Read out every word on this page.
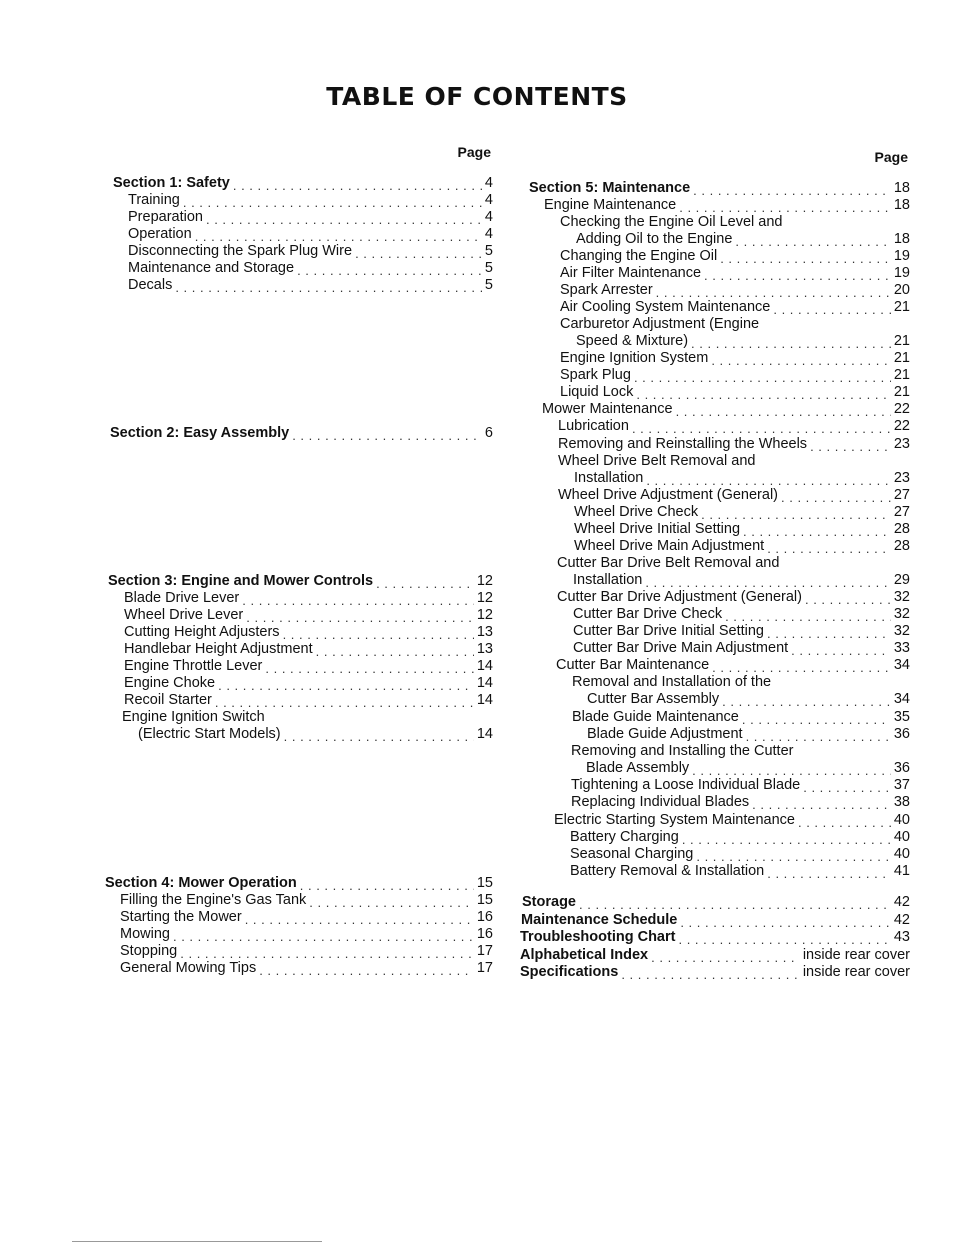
TABLE OF CONTENTS
Page
Section 1: Safety . . .	4
Training . . .	4
Preparation . . .	4
Operation . . .	4
Disconnecting the Spark Plug Wire . . .	5
Maintenance and Storage . . .	5
Decals . . .	5
Section 2: Easy Assembly . . .	6
Section 3: Engine and Mower Controls . . .	12
Blade Drive Lever . . .	12
Wheel Drive Lever . . .	12
Cutting Height Adjusters . . .	13
Handlebar Height Adjustment . . .	13
Engine Throttle Lever . . .	14
Engine Choke . . .	14
Recoil Starter . . .	14
Engine Ignition Switch
(Electric Start Models) . . .	14
Section 4: Mower Operation . . .	15
Filling the Engine's Gas Tank . . .	15
Starting the Mower . . .	16
Mowing . . .	16
Stopping . . .	17
General Mowing Tips . . .	17
Page
Section 5: Maintenance . . .	18
Engine Maintenance . . .	18
Checking the Engine Oil Level and
Adding Oil to the Engine . . .	18
Changing the Engine Oil . . .	19
Air Filter Maintenance . . .	19
Spark Arrester . . .	20
Air Cooling System Maintenance . . .	21
Carburetor Adjustment (Engine
Speed & Mixture) . . .	21
Engine Ignition System . . .	21
Spark Plug . . .	21
Liquid Lock . . .	21
Mower Maintenance . . .	22
Lubrication . . .	22
Removing and Reinstalling the Wheels . . .	23
Wheel Drive Belt Removal and
Installation . . .	23
Wheel Drive Adjustment (General) . . .	27
Wheel Drive Check . . .	27
Wheel Drive Initial Setting . . .	28
Wheel Drive Main Adjustment . . .	28
Cutter Bar Drive Belt Removal and
Installation . . .	29
Cutter Bar Drive Adjustment (General) . . .	32
Cutter Bar Drive Check . . .	32
Cutter Bar Drive Initial Setting . . .	32
Cutter Bar Drive Main Adjustment . . .	33
Cutter Bar Maintenance . . .	34
Removal and Installation of the
Cutter Bar Assembly . . .	34
Blade Guide Maintenance . . .	35
Blade Guide Adjustment . . .	36
Removing and Installing the Cutter
Blade Assembly . . .	36
Tightening a Loose Individual Blade . . .	37
Replacing Individual Blades . . .	38
Electric Starting System Maintenance . . .	40
Battery Charging . . .	40
Seasonal Charging . . .	40
Battery Removal & Installation . . .	41
Storage . . .	42
Maintenance Schedule . . .	42
Troubleshooting Chart . . .	43
Alphabetical Index . . .	inside rear cover
Specifications . . .	inside rear cover
